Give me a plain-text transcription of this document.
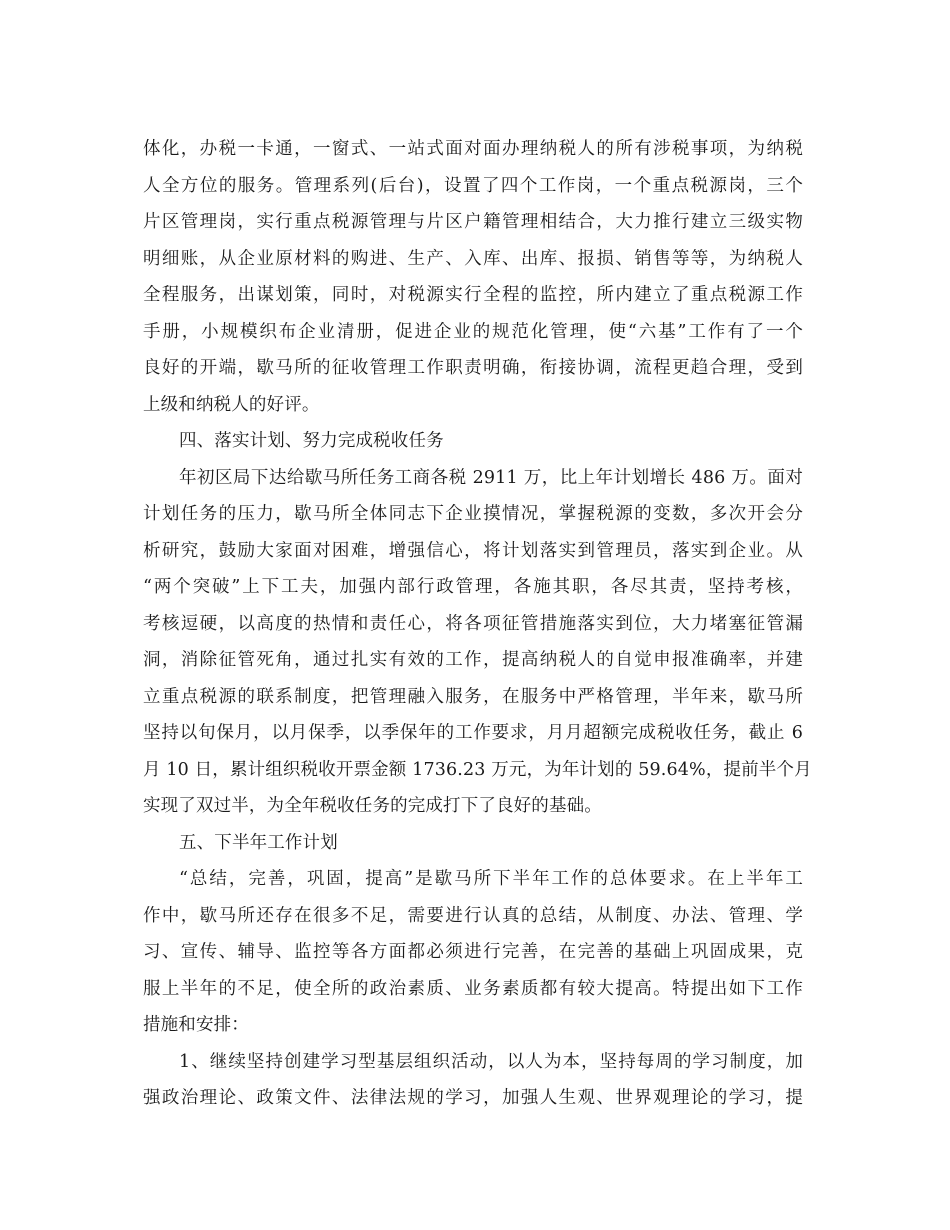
体化，办税一卡通，一窗式、一站式面对面办理纳税人的所有涉税事项，为纳税
人全方位的服务。管理系列(后台)，设置了四个工作岗，一个重点税源岗，三个
片区管理岗，实行重点税源管理与片区户籍管理相结合，大力推行建立三级实物
明细账，从企业原材料的购进、生产、入库、出库、报损、销售等等，为纳税人
全程服务，出谋划策，同时，对税源实行全程的监控，所内建立了重点税源工作
手册，小规模织布企业清册，促进企业的规范化管理，使“六基”工作有了一个
良好的开端，歇马所的征收管理工作职责明确，衔接协调，流程更趋合理，受到
上级和纳税人的好评。
四、落实计划、努力完成税收任务
年初区局下达给歇马所任务工商各税 2911 万，比上年计划增长 486 万。面对
计划任务的压力，歇马所全体同志下企业摸情况，掌握税源的变数，多次开会分
析研究，鼓励大家面对困难，增强信心，将计划落实到管理员，落实到企业。从
“两个突破”上下工夫，加强内部行政管理，各施其职，各尽其责，坚持考核，
考核逗硬，以高度的热情和责任心，将各项征管措施落实到位，大力堵塞征管漏
洞，消除征管死角，通过扎实有效的工作，提高纳税人的自觉申报准确率，并建
立重点税源的联系制度，把管理融入服务，在服务中严格管理，半年来，歇马所
坚持以旬保月，以月保季，以季保年的工作要求，月月超额完成税收任务，截止 6
月 10 日，累计组织税收开票金额 1736.23 万元，为年计划的 59.64%，提前半个月
实现了双过半，为全年税收任务的完成打下了良好的基础。
五、下半年工作计划
“总结，完善，巩固，提高”是歇马所下半年工作的总体要求。在上半年工
作中，歇马所还存在很多不足，需要进行认真的总结，从制度、办法、管理、学
习、宣传、辅导、监控等各方面都必须进行完善，在完善的基础上巩固成果，克
服上半年的不足，使全所的政治素质、业务素质都有较大提高。特提出如下工作
措施和安排：
1、继续坚持创建学习型基层组织活动，以人为本，坚持每周的学习制度，加
强政治理论、政策文件、法律法规的学习，加强人生观、世界观理论的学习，提
